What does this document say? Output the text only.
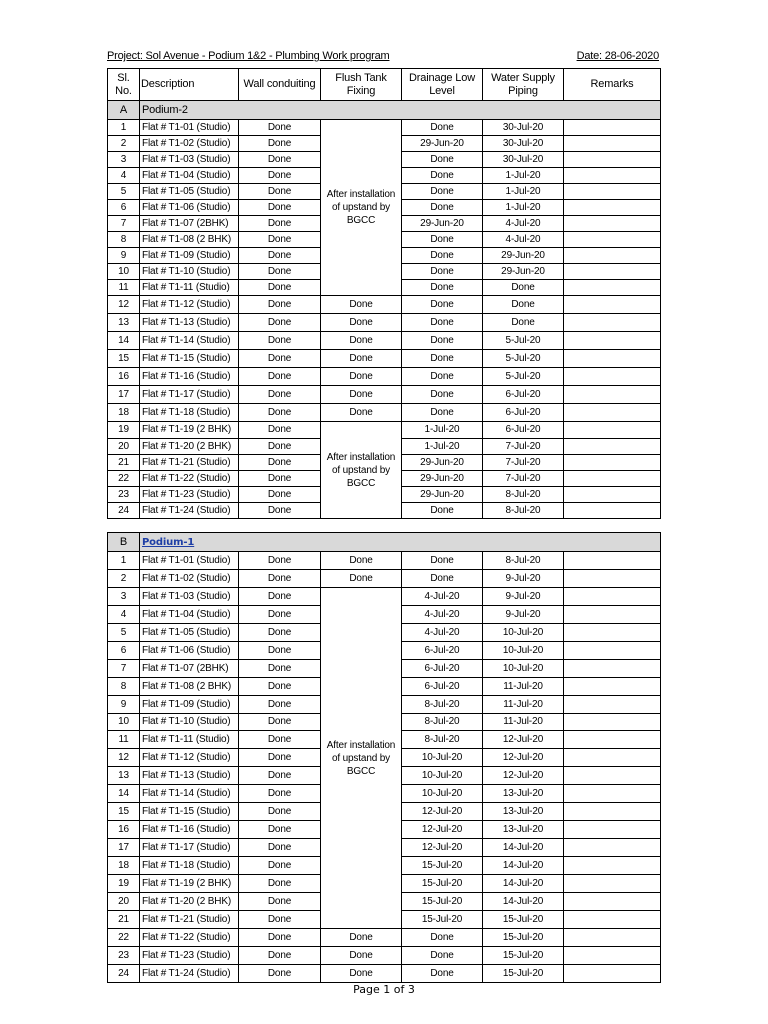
Project: Sol Avenue - Podium 1&2 - Plumbing Work program	Date: 28-06-2020
Sl. No.	Description	Wall conduiting	Flush Tank Fixing	Drainage Low Level	Water Supply Piping	Remarks
A	Podium-2					
1	Flat # T1-01 (Studio)	Done	After installation of upstand by BGCC	Done	30-Jul-20	
2	Flat # T1-02 (Studio)	Done		29-Jun-20	30-Jul-20	
3	Flat # T1-03 (Studio)	Done		Done	30-Jul-20	
4	Flat # T1-04 (Studio)	Done		Done	1-Jul-20	
5	Flat # T1-05 (Studio)	Done		Done	1-Jul-20	
6	Flat # T1-06 (Studio)	Done		Done	1-Jul-20	
7	Flat # T1-07 (2BHK)	Done		29-Jun-20	4-Jul-20	
8	Flat # T1-08 (2 BHK)	Done		Done	4-Jul-20	
9	Flat # T1-09 (Studio)	Done		Done	29-Jun-20	
10	Flat # T1-10 (Studio)	Done		Done	29-Jun-20	
11	Flat # T1-11 (Studio)	Done		Done	Done	
12	Flat # T1-12 (Studio)	Done	Done	Done	Done	
13	Flat # T1-13 (Studio)	Done	Done	Done	Done	
14	Flat # T1-14 (Studio)	Done	Done	Done	5-Jul-20	
15	Flat # T1-15 (Studio)	Done	Done	Done	5-Jul-20	
16	Flat # T1-16 (Studio)	Done	Done	Done	5-Jul-20	
17	Flat # T1-17 (Studio)	Done	Done	Done	6-Jul-20	
18	Flat # T1-18 (Studio)	Done	Done	Done	6-Jul-20	
19	Flat # T1-19 (2 BHK)	Done	After installation of upstand by BGCC	1-Jul-20	6-Jul-20	
20	Flat # T1-20 (2 BHK)	Done		1-Jul-20	7-Jul-20	
21	Flat # T1-21 (Studio)	Done		29-Jun-20	7-Jul-20	
22	Flat # T1-22 (Studio)	Done		29-Jun-20	7-Jul-20	
23	Flat # T1-23 (Studio)	Done		29-Jun-20	8-Jul-20	
24	Flat # T1-24 (Studio)	Done		Done	8-Jul-20	
B	Podium-1					
1	Flat # T1-01 (Studio)	Done	Done	Done	8-Jul-20	
2	Flat # T1-02 (Studio)	Done	Done	Done	9-Jul-20	
3	Flat # T1-03 (Studio)	Done	After installation of upstand by BGCC	4-Jul-20	9-Jul-20	
4	Flat # T1-04 (Studio)	Done		4-Jul-20	9-Jul-20	
5	Flat # T1-05 (Studio)	Done		4-Jul-20	10-Jul-20	
6	Flat # T1-06 (Studio)	Done		6-Jul-20	10-Jul-20	
7	Flat # T1-07 (2BHK)	Done		6-Jul-20	10-Jul-20	
8	Flat # T1-08 (2 BHK)	Done		6-Jul-20	11-Jul-20	
9	Flat # T1-09 (Studio)	Done		8-Jul-20	11-Jul-20	
10	Flat # T1-10 (Studio)	Done		8-Jul-20	11-Jul-20	
11	Flat # T1-11 (Studio)	Done		8-Jul-20	12-Jul-20	
12	Flat # T1-12 (Studio)	Done		10-Jul-20	12-Jul-20	
13	Flat # T1-13 (Studio)	Done		10-Jul-20	12-Jul-20	
14	Flat # T1-14 (Studio)	Done		10-Jul-20	13-Jul-20	
15	Flat # T1-15 (Studio)	Done		12-Jul-20	13-Jul-20	
16	Flat # T1-16 (Studio)	Done		12-Jul-20	13-Jul-20	
17	Flat # T1-17 (Studio)	Done		12-Jul-20	14-Jul-20	
18	Flat # T1-18 (Studio)	Done		15-Jul-20	14-Jul-20	
19	Flat # T1-19 (2 BHK)	Done		15-Jul-20	14-Jul-20	
20	Flat # T1-20 (2 BHK)	Done		15-Jul-20	14-Jul-20	
21	Flat # T1-21 (Studio)	Done		15-Jul-20	15-Jul-20	
22	Flat # T1-22 (Studio)	Done	Done	Done	15-Jul-20	
23	Flat # T1-23 (Studio)	Done	Done	Done	15-Jul-20	
24	Flat # T1-24 (Studio)	Done	Done	Done	15-Jul-20	
Page 1 of 3
